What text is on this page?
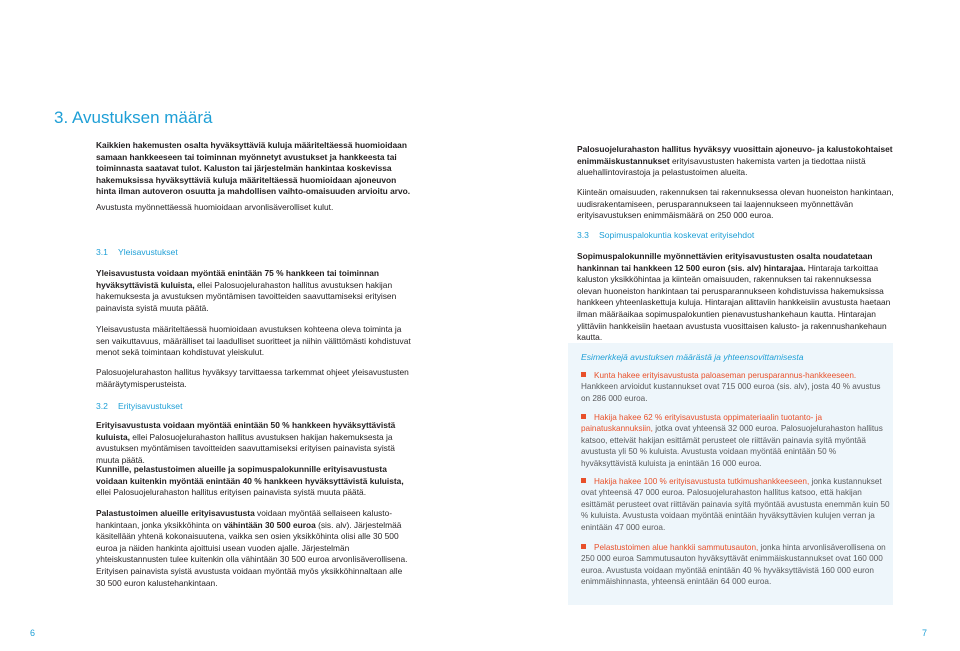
3. Avustuksen määrä

Kaikkien hakemusten osalta hyväksyttäviä kuluja määriteltäessä huomioidaan samaan hankkeeseen tai toiminnan myönnetyt avustukset ja hankkeesta tai toiminnasta saatavat tulot. Kaluston tai järjestelmän hankintaa koskevissa hakemuksissa hyväksyttäviä kuluja määriteltäessä huomioidaan ajoneuvon hinta ilman autoveron osuutta ja mahdollisen vaihto-omaisuuden arvioitu arvo.

Avustusta myönnettäessä huomioidaan arvonlisäverolliset kulut.

3.1 Yleisavustukset

Yleisavustusta voidaan myöntää enintään 75 % hankkeen tai toiminnan hyväksyttävistä kuluista, ellei Palosuojelurahaston hallitus avustuksen hakijan hakemuksesta ja avustuksen myöntämisen tavoitteiden saavuttamiseksi erityisen painavista syistä muuta päätä.

Yleisavustusta määriteltäessä huomioidaan avustuksen kohteena oleva toiminta ja sen vaikuttavuus, määrälliset tai laadulliset suoritteet ja niihin välittömästi kohdistuvat menot sekä toimintaan kohdistuvat yleiskulut.

Palosuojelurahaston hallitus hyväksyy tarvittaessa tarkemmat ohjeet yleisavustusten määräytymisperusteista.

3.2 Erityisavustukset

Erityisavustusta voidaan myöntää enintään 50 % hankkeen hyväksyttävistä kuluista, ellei Palosuojelurahaston hallitus avustuksen hakijan hakemuksesta ja avustuksen myöntämisen tavoitteiden saavuttamiseksi erityisen painavista syistä muuta päätä.

Kunnille, pelastustoimen alueille ja sopimuspalokunnille erityisavustusta voidaan kuitenkin myöntää enintään 40 % hankkeen hyväksyttävistä kuluista, ellei Palosuojelurahaston hallitus erityisen painavista syistä muuta päätä.

Palastustoimen alueille erityisavustusta voidaan myöntää sellaiseen kalusto-hankintaan, jonka yksikköhinta on vähintään 30 500 euroa (sis. alv). Järjestelmää käsitellään yhtenä kokonaisuutena, vaikka sen osien yksikköhinta olisi alle 30 500 euroa ja näiden hankinta ajoittuisi usean vuoden ajalle. Järjestelmän yhteiskustannusten tulee kuitenkin olla vähintään 30 500 euroa arvonlisäverollisena. Erityisen painavista syistä avustusta voidaan myöntää myös yksikköhinnaltaan alle 30 500 euron kalustehankintaan.

Palosuojelurahaston hallitus hyväksyy vuosittain ajoneuvo- ja kalustokohtaiset enimmäiskustannukset erityisavustusten hakemista varten ja tiedottaa niistä aluehallintovirastoja ja pelastustoimen alueita.

Kiinteän omaisuuden, rakennuksen tai rakennuksessa olevan huoneiston hankintaan, uudisrakentamiseen, perusparannukseen tai laajennukseen myönnettävän erityisavustuksen enimmäismäärä on 250 000 euroa.

3.3 Sopimuspalokuntia koskevat erityisehdot

Sopimuspalokunnille myönnettävien erityisavustusten osalta noudatetaan hankinnan tai hankkeen 12 500 euron (sis. alv) hintarajaa. Hintaraja tarkoittaa kaluston yksikköhintaa ja kiinteän omaisuuden, rakennuksen tai rakennuksessa olevan huoneiston hankintaan tai perusparannukseen kohdistuvissa hakemuksissa hankkeen yhteenlaskettuja kuluja. Hintarajan alittaviin hankkeisiin avustusta haetaan ilman määräaikaa sopimuspalokuntien pienavustushankehaun kautta. Hintarajan ylittäviin hankkeisiin haetaan avustusta vuosittaisen kalusto- ja rakennushankehaun kautta.

Esimerkkejä avustuksen määrästä ja yhteensovittamisesta
Kunta hakee erityisavustusta paloaseman perusparannus-hankkeeseen. Hankkeen arvioidut kustannukset ovat 715 000 euroa (sis. alv), josta 40 % avustus on 286 000 euroa.
Hakija hakee 62 % erityisavustusta oppimateriaalin tuotanto- ja painatuskannuksiin, jotka ovat yhteensä 32 000 euroa. Palosuojelurahaston hallitus katsoo, etteivät hakijan esittämät perusteet ole riittävän painavia syitä myöntää avustusta yli 50 % kuluista. Avustusta voidaan myöntää enintään 50 % hyväksyttävistä kuluista ja enintään 16 000 euroa.
Hakija hakee 100 % erityisavustusta tutkimushankkeeseen, jonka kustannukset ovat yhteensä 47 000 euroa. Palosuojelurahaston hallitus katsoo, että hakijan esittämät perusteet ovat riittävän painavia syitä myöntää avustusta enemmän kuin 50 % kuluista. Avustusta voidaan myöntää enintään hyväksyttävien kulujen verran ja enintään 47 000 euroa.
Pelastustoimen alue hankkii sammutusauton, jonka hinta arvonlisäverollisena on 250 000 euroa Sammutusauton hyväksyttävät enimmäiskustannukset ovat 160 000 euroa. Avustusta voidaan myöntää enintään 40 % hyväksyttävistä 160 000 euron enimmäishinnasta, yhteensä enintään 64 000 euroa.
6	7
